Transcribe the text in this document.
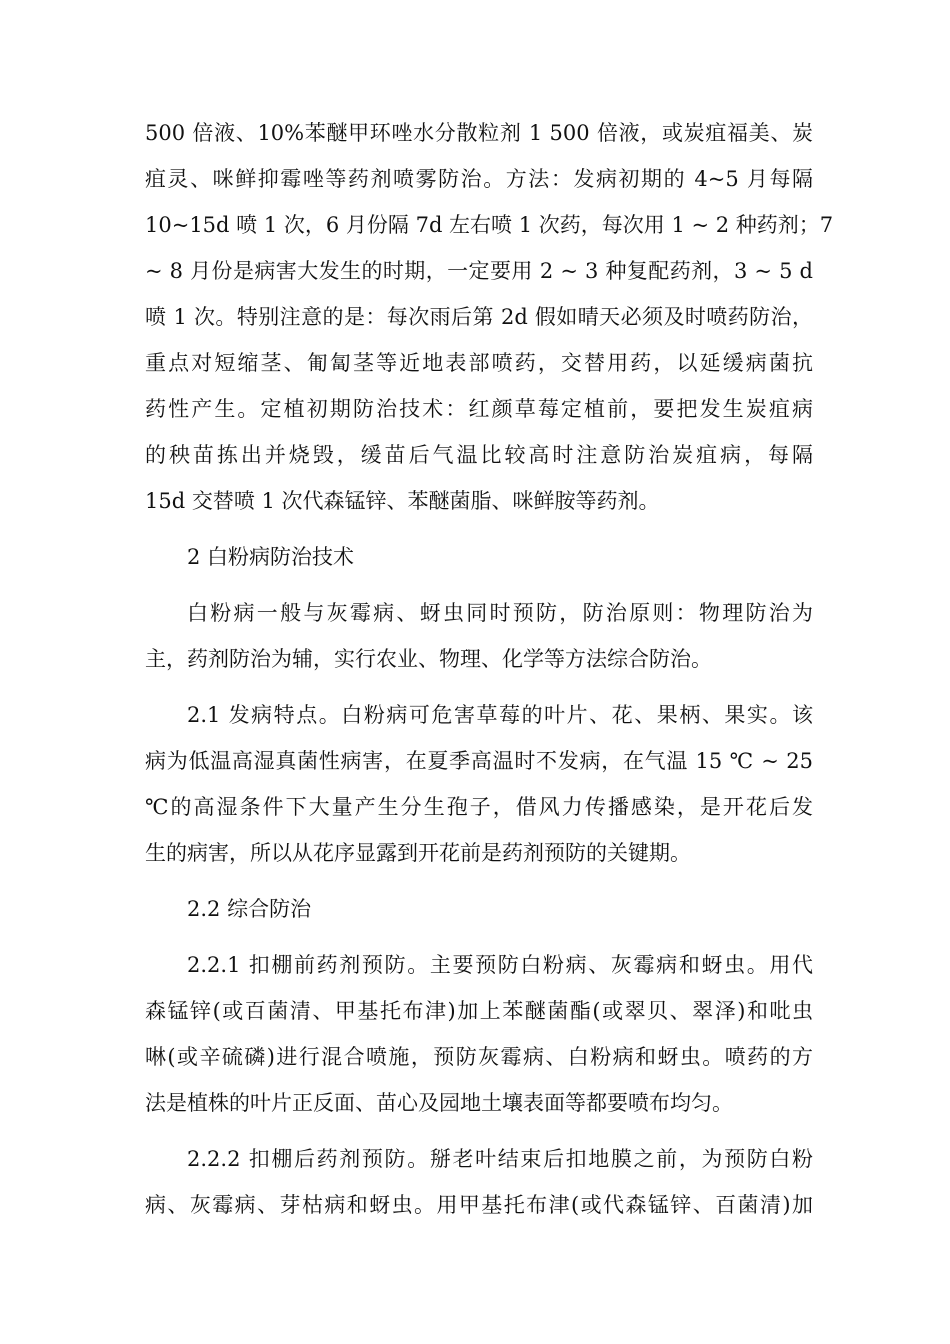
500 倍液、10%苯醚甲环唑水分散粒剂 1 500 倍液，或炭疽福美、炭
疽灵、咪鲜抑霉唑等药剂喷雾防治。方法：发病初期的 4~5 月每隔
10~15d 喷 1 次，6 月份隔 7d 左右喷 1 次药，每次用 1 ~ 2 种药剂；7
~ 8 月份是病害大发生的时期，一定要用 2 ~ 3 种复配药剂，3 ~ 5 d
喷 1 次。特别注意的是：每次雨后第 2d 假如晴天必须及时喷药防治，
重点对短缩茎、匍匐茎等近地表部喷药，交替用药，以延缓病菌抗
药性产生。定植初期防治技术：红颜草莓定植前，要把发生炭疽病
的秧苗拣出并烧毁，缓苗后气温比较高时注意防治炭疽病，每隔
15d 交替喷 1 次代森锰锌、苯醚菌脂、咪鲜胺等药剂。
2 白粉病防治技术
白粉病一般与灰霉病、蚜虫同时预防，防治原则：物理防治为
主，药剂防治为辅，实行农业、物理、化学等方法综合防治。
2.1 发病特点。白粉病可危害草莓的叶片、花、果柄、果实。该
病为低温高湿真菌性病害，在夏季高温时不发病，在气温 15 ℃ ~ 25
℃的高湿条件下大量产生分生孢子，借风力传播感染，是开花后发
生的病害，所以从花序显露到开花前是药剂预防的关键期。
2.2 综合防治
2.2.1 扣棚前药剂预防。主要预防白粉病、灰霉病和蚜虫。用代
森锰锌(或百菌清、甲基托布津)加上苯醚菌酯(或翠贝、翠泽)和吡虫
啉(或辛硫磷)进行混合喷施，预防灰霉病、白粉病和蚜虫。喷药的方
法是植株的叶片正反面、苗心及园地土壤表面等都要喷布均匀。
2.2.2 扣棚后药剂预防。掰老叶结束后扣地膜之前，为预防白粉
病、灰霉病、芽枯病和蚜虫。用甲基托布津(或代森锰锌、百菌清)加
